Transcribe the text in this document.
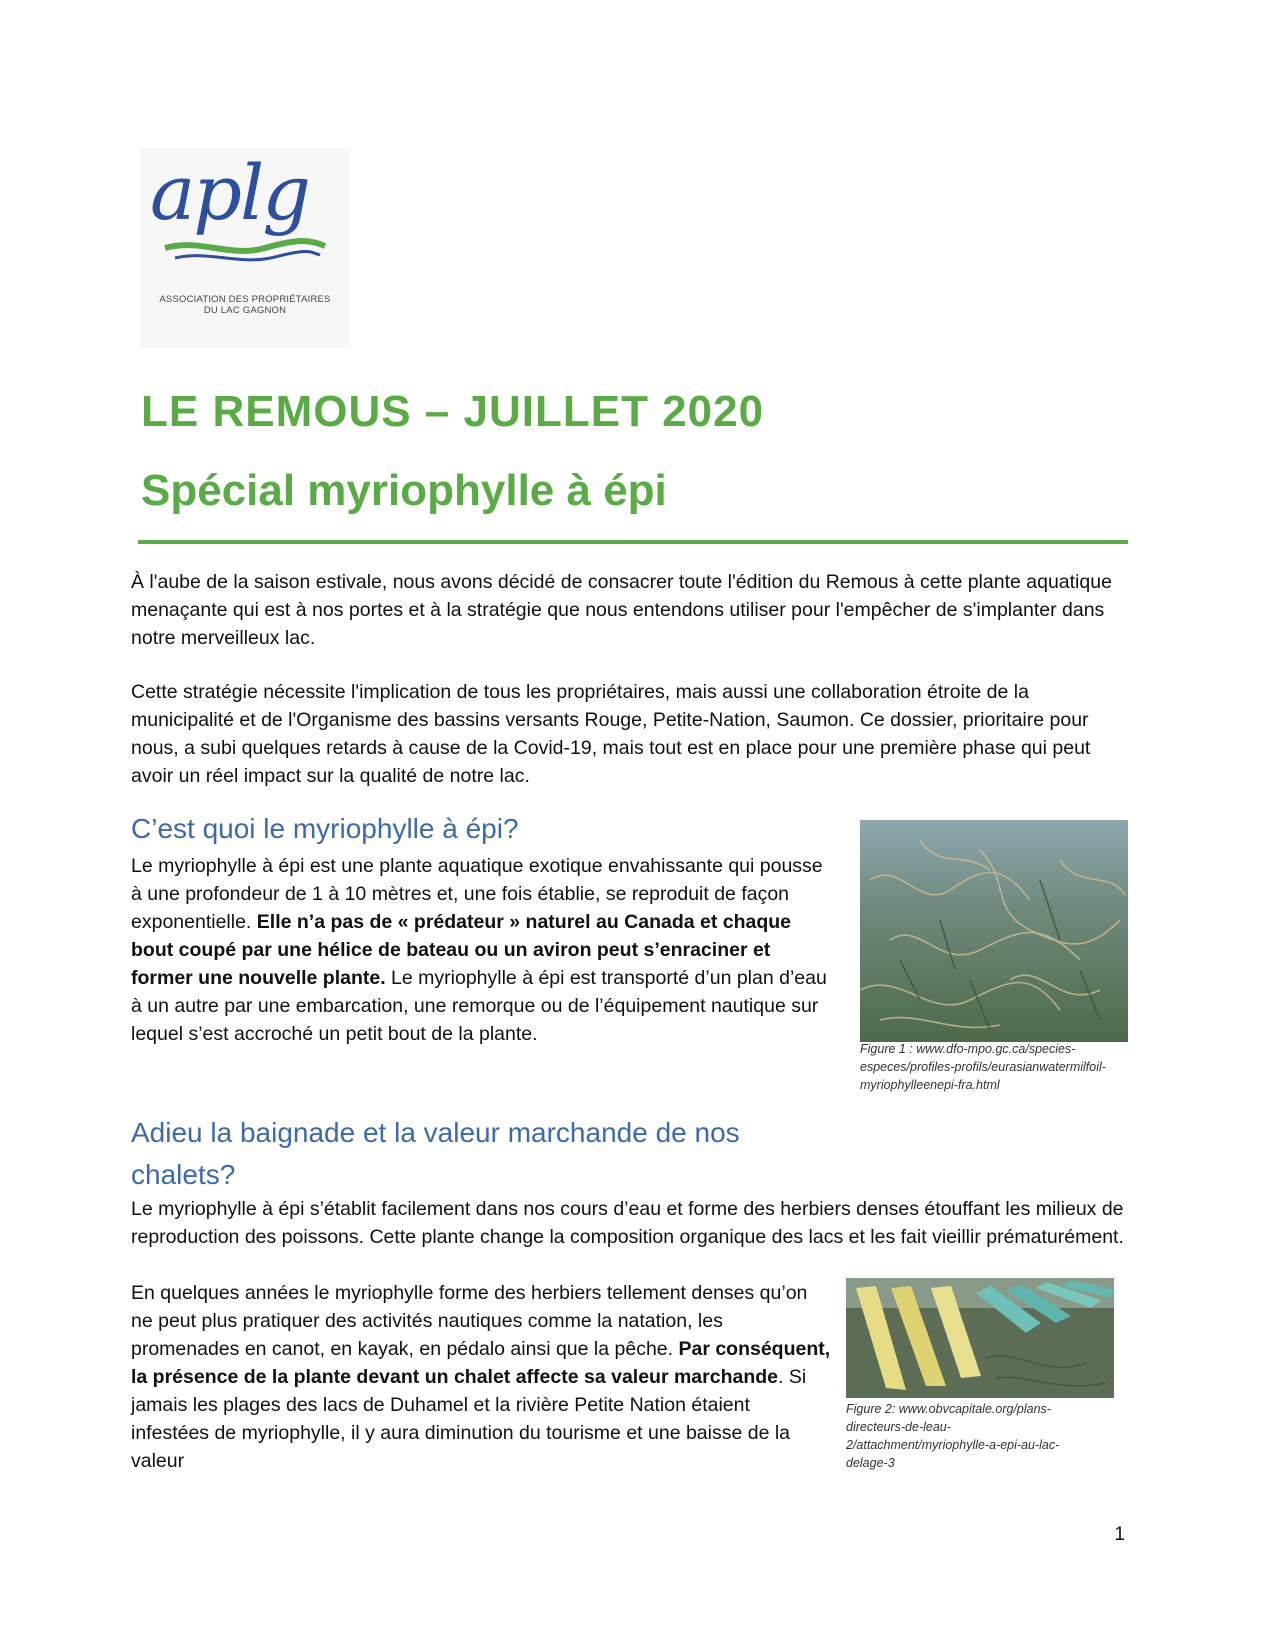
aplg
ASSOCIATION DES PROPRIÉTAIRES
DU LAC GAGNON
LE REMOUS – JUILLET 2020
Spécial myriophylle à épi

À l'aube de la saison estivale, nous avons décidé de consacrer toute l'édition du Remous à cette plante aquatique menaçante qui est à nos portes et à la stratégie que nous entendons utiliser pour l'empêcher de s'implanter dans notre merveilleux lac.

Cette stratégie nécessite l'implication de tous les propriétaires, mais aussi une collaboration étroite de la municipalité et de l'Organisme des bassins versants Rouge, Petite-Nation, Saumon. Ce dossier, prioritaire pour nous, a subi quelques retards à cause de la Covid-19, mais tout est en place pour une première phase qui peut avoir un réel impact sur la qualité de notre lac.

C’est quoi le myriophylle à épi?

Le myriophylle à épi est une plante aquatique exotique envahissante qui pousse à une profondeur de 1 à 10 mètres et, une fois établie, se reproduit de façon exponentielle. Elle n’a pas de « prédateur » naturel au Canada et chaque bout coupé par une hélice de bateau ou un aviron peut s’enraciner et former une nouvelle plante. Le myriophylle à épi est transporté d’un plan d’eau à un autre par une embarcation, une remorque ou de l’équipement nautique sur lequel s’est accroché un petit bout de la plante.

Figure 1 : www.dfo-mpo.gc.ca/species-especes/profiles-profils/eurasianwatermilfoil-myriophylleenepi-fra.html

Adieu la baignade et la valeur marchande de nos chalets?

Le myriophylle à épi s’établit facilement dans nos cours d’eau et forme des herbiers denses étouffant les milieux de reproduction des poissons. Cette plante change la composition organique des lacs et les fait vieillir prématurément.

En quelques années le myriophylle forme des herbiers tellement denses qu’on ne peut plus pratiquer des activités nautiques comme la natation, les promenades en canot, en kayak, en pédalo ainsi que la pêche. Par conséquent, la présence de la plante devant un chalet affecte sa valeur marchande. Si jamais les plages des lacs de Duhamel et la rivière Petite Nation étaient infestées de myriophylle, il y aura diminution du tourisme et une baisse de la valeur

Figure 2: www.obvcapitale.org/plans-directeurs-de-leau-2/attachment/myriophylle-a-epi-au-lac-delage-3

1
